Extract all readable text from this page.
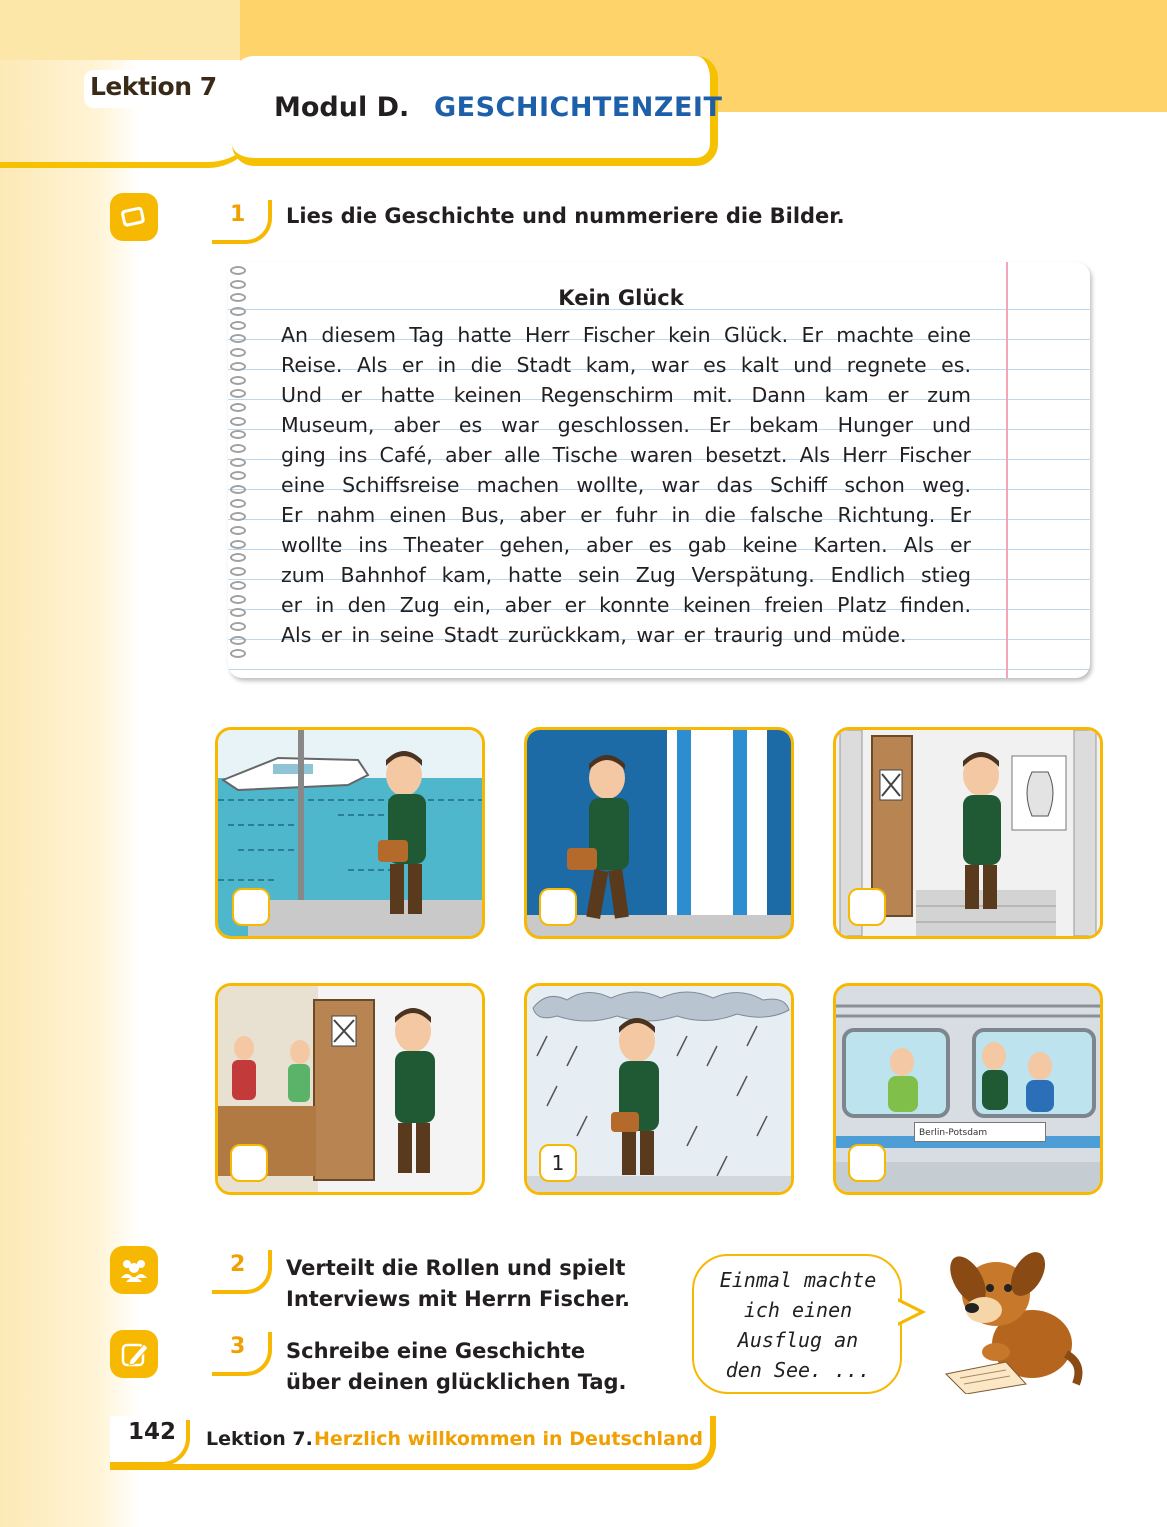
Lektion 7
Modul D. GESCHICHTENZEIT
1 Lies die Geschichte und nummeriere die Bilder.
Kein Glück
An diesem Tag hatte Herr Fischer kein Glück. Er machte eine
Reise. Als er in die Stadt kam, war es kalt und regnete es.
Und er hatte keinen Regenschirm mit. Dann kam er zum
Museum, aber es war geschlossen. Er bekam Hunger und
ging ins Café, aber alle Tische waren besetzt. Als Herr Fischer
eine Schiffsreise machen wollte, war das Schiff schon weg.
Er nahm einen Bus, aber er fuhr in die falsche Richtung. Er
wollte ins Theater gehen, aber es gab keine Karten. Als er
zum Bahnhof kam, hatte sein Zug Verspätung. Endlich stieg
er in den Zug ein, aber er konnte keinen freien Platz finden.
Als er in seine Stadt zurückkam, war er traurig und müde.
1
Berlin-Potsdam
2 Verteilt die Rollen und spielt
Interviews mit Herrn Fischer.
3 Schreibe eine Geschichte
über deinen glücklichen Tag.
Einmal machte
ich einen
Ausflug an
den See. ...
142 Lektion 7. Herzlich willkommen in Deutschland
